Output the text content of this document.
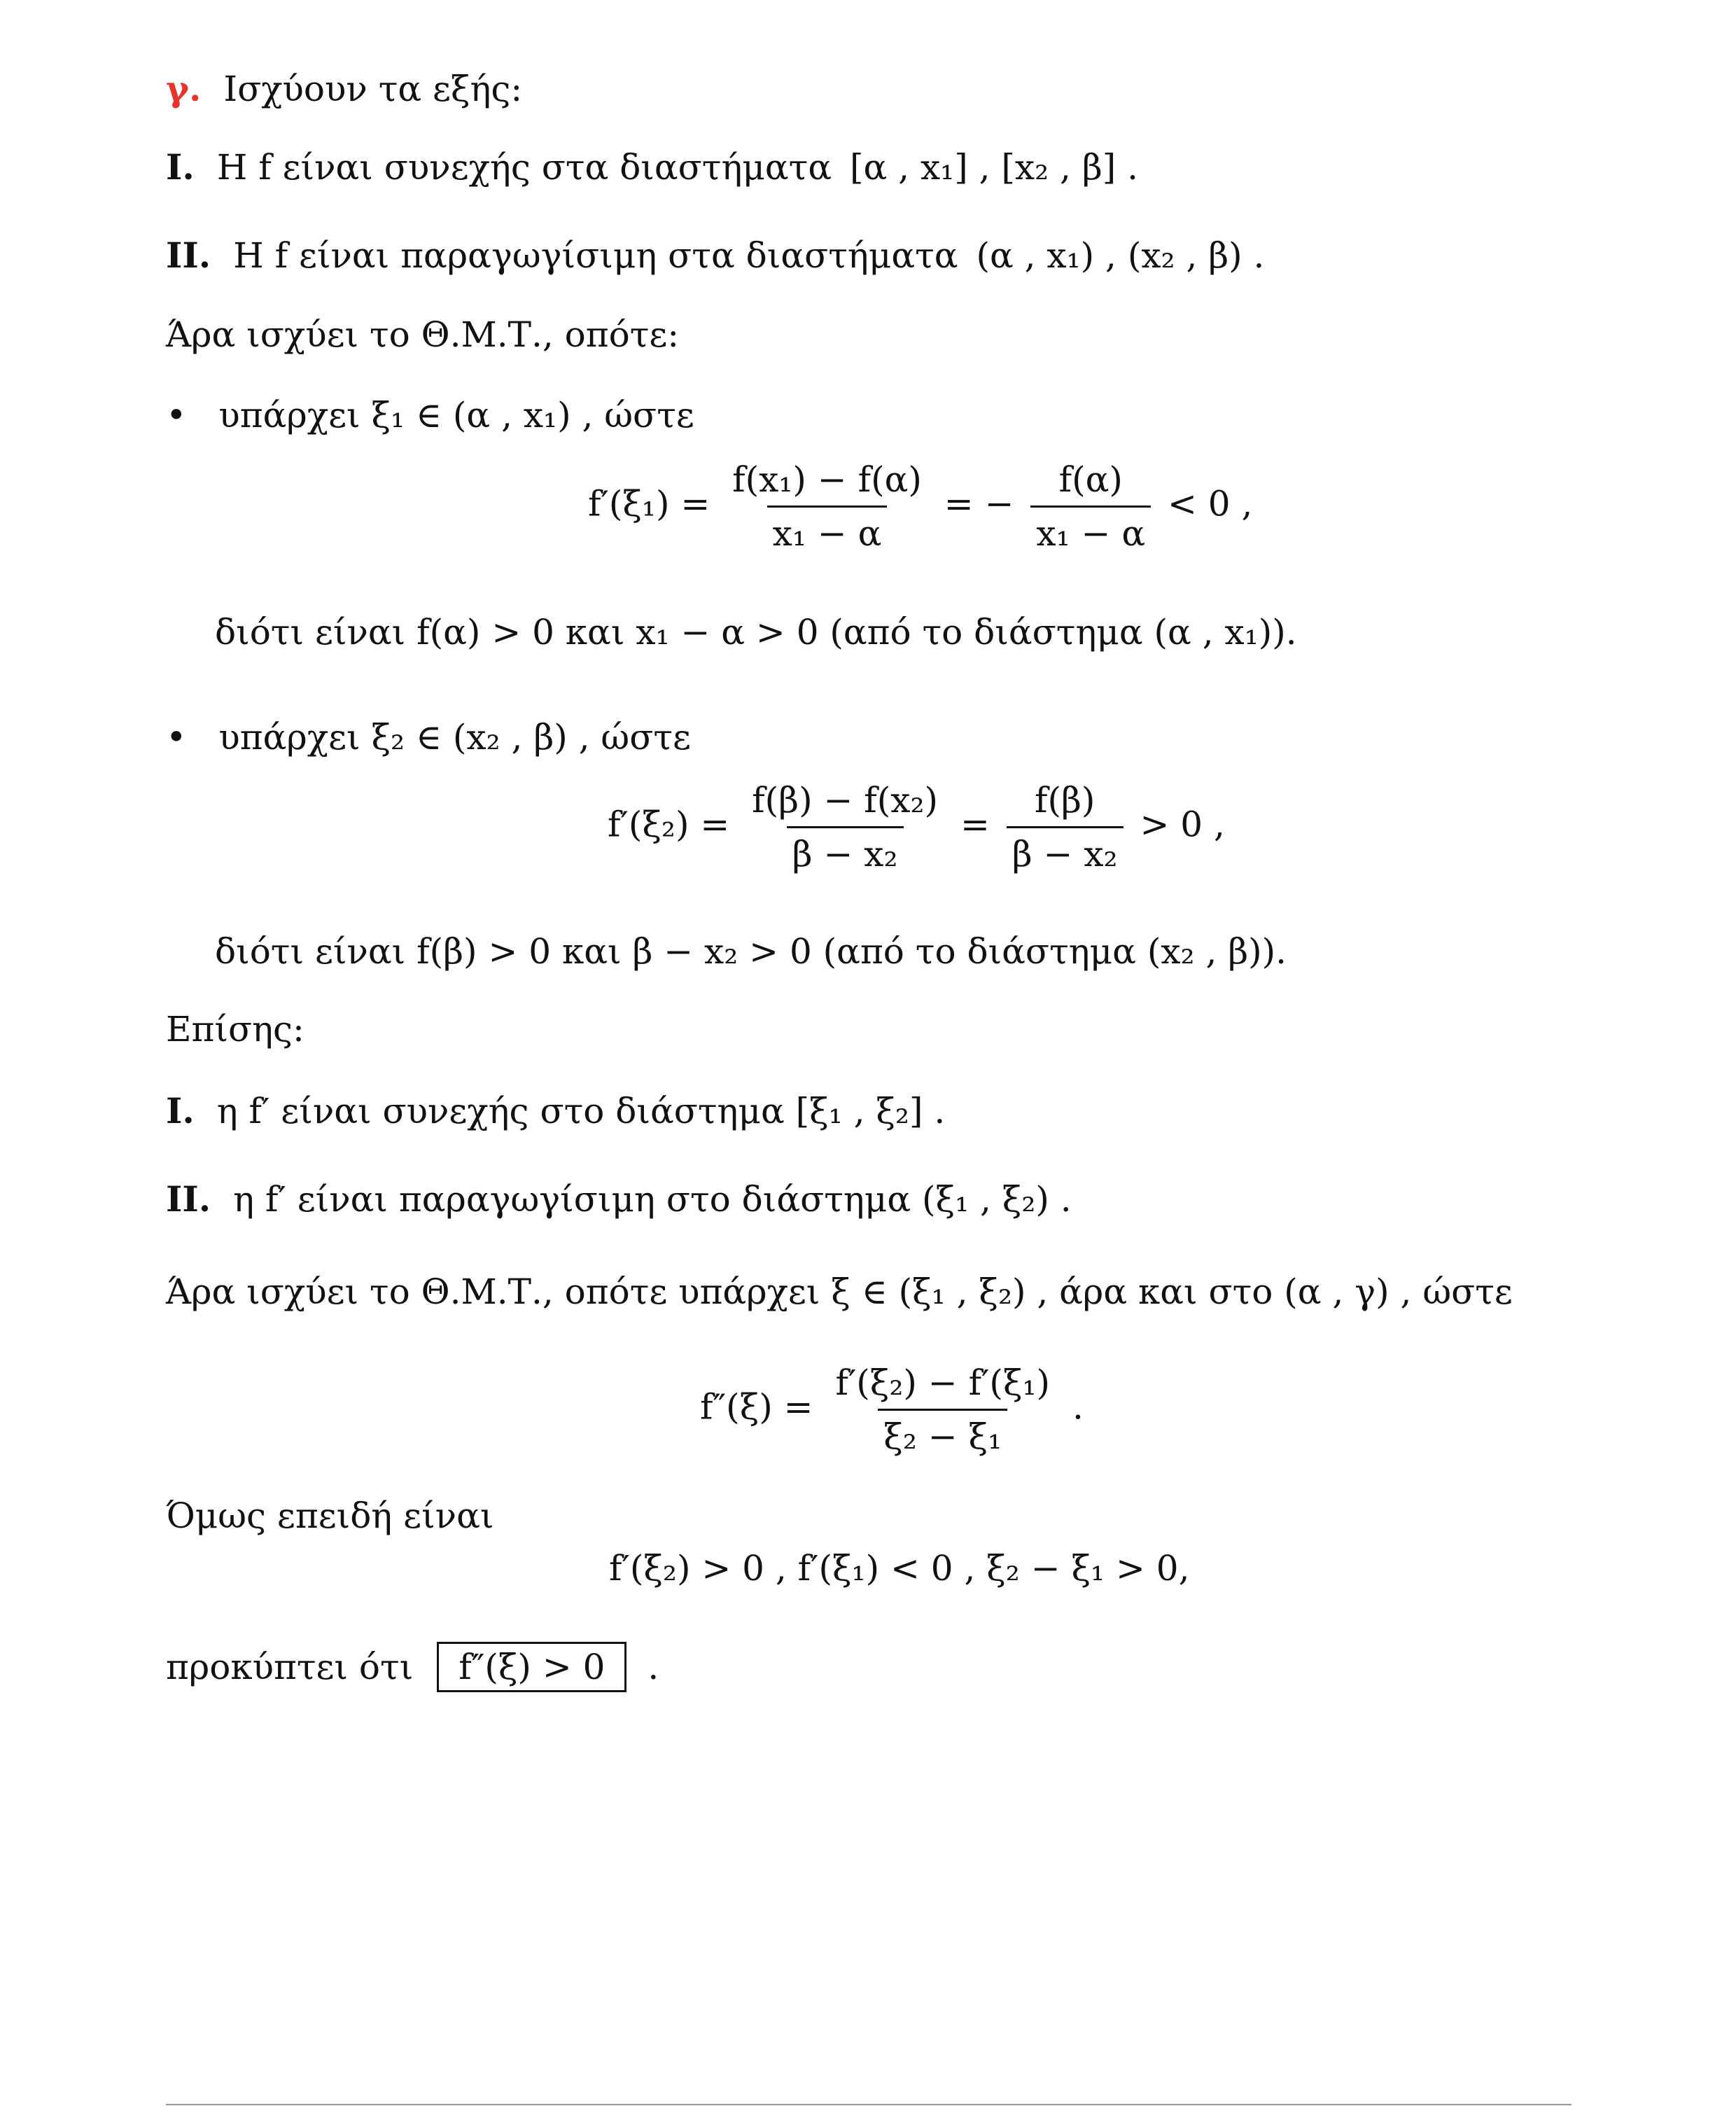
γ. Ισχύουν τα εξής:
I. Η f είναι συνεχής στα διαστήματα [α , x₁] , [x₂ , β] .
II. Η f είναι παραγωγίσιμη στα διαστήματα (α , x₁) , (x₂ , β) .
Άρα ισχύει το Θ.Μ.Τ., οπότε:
• υπάρχει ξ₁ ∈ (α , x₁) , ώστε
$f'(\xi_1) = \frac{\text{f(x₁) − f(α)}}{\text{x₁ − α}}$ = − $\frac{f(\alpha)}{\text{x₁ − α}} < 0$ ,
διότι είναι f(α) > 0 και x₁ − α > 0 (από το διάστημα (α , x₁)).
• υπάρχει ξ₂ ∈ (x₂ , β) , ώστε
$f'(\xi_2) = \frac{\text{f(β) − f(x₂)}}{\text{β − x₂}} = \frac{f(\beta)}{\text{β − x₂}} > 0$ ,
διότι είναι f(β) > 0 και β − x₂ > 0 (από το διάστημα (x₂ , β)).
Επίσης:
I. η f′ είναι συνεχής στο διάστημα [ξ₁ , ξ₂] .
II. η f′ είναι παραγωγίσιμη στο διάστημα (ξ₁ , ξ₂) .
Άρα ισχύει το Θ.Μ.Τ., οπότε υπάρχει ξ ∈ (ξ₁ , ξ₂) , άρα και στο (α , γ) , ώστε
$f''(\xi) = \frac{\text{f′(ξ₂) − f′(ξ₁)}}{\text{ξ₂ − ξ₁}}$ .
Όμως επειδή είναι
f′(ξ₂) > 0 , f′(ξ₁) < 0 , ξ₂ − ξ₁ > 0,
προκύπτει ότι f″(ξ) > 0 .
